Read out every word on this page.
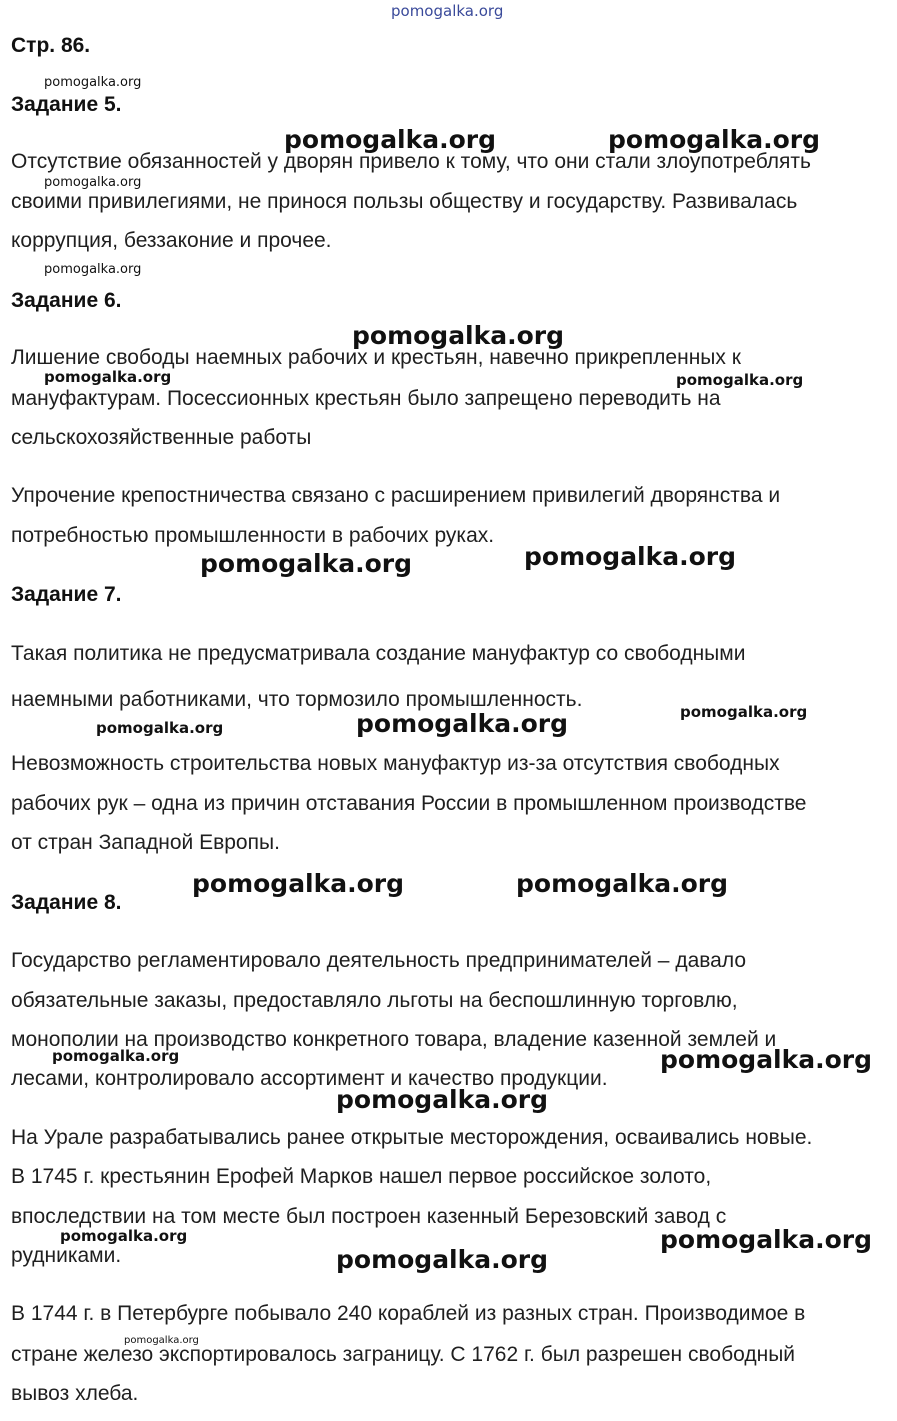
pomogalka.org
Стр. 86.
pomogalka.org
Задание 5.
pomogalka.org	pomogalka.org
Отсутствие обязанностей у дворян привело к тому, что они стали злоупотреблять
pomogalka.org
своими привилегиями, не принося пользы обществу и государству. Развивалась
коррупция, беззаконие и прочее.
pomogalka.org
Задание 6.
pomogalka.org
Лишение свободы наемных рабочих и крестьян, навечно прикрепленных к
pomogalka.org	pomogalka.org
мануфактурам. Посессионных крестьян было запрещено переводить на
сельскохозяйственные работы
Упрочение крепостничества связано с расширением привилегий дворянства и
потребностью промышленности в рабочих руках.
pomogalka.org
pomogalka.org
Задание 7.
Такая политика не предусматривала создание мануфактур со свободными
наемными работниками, что тормозило промышленность.
pomogalka.org
pomogalka.org
pomogalka.org
Невозможность строительства новых мануфактур из-за отсутствия свободных
рабочих рук – одна из причин отставания России в промышленном производстве
от стран Западной Европы.
pomogalka.org	pomogalka.org
Задание 8.
Государство регламентировало деятельность предпринимателей – давало
обязательные заказы, предоставляло льготы на беспошлинную торговлю,
монополии на производство конкретного товара, владение казенной землей и
pomogalka.org	pomogalka.org
лесами, контролировало ассортимент и качество продукции.
pomogalka.org
На Урале разрабатывались ранее открытые месторождения, осваивались новые.
В 1745 г. крестьянин Ерофей Марков нашел первое российское золото,
впоследствии на том месте был построен казенный Березовский завод с
pomogalka.org	pomogalka.org
рудниками.	pomogalka.org
В 1744 г. в Петербурге побывало 240 кораблей из разных стран. Производимое в
pomogalka.org
стране железо экспортировалось заграницу. С 1762 г. был разрешен свободный
вывоз хлеба.
